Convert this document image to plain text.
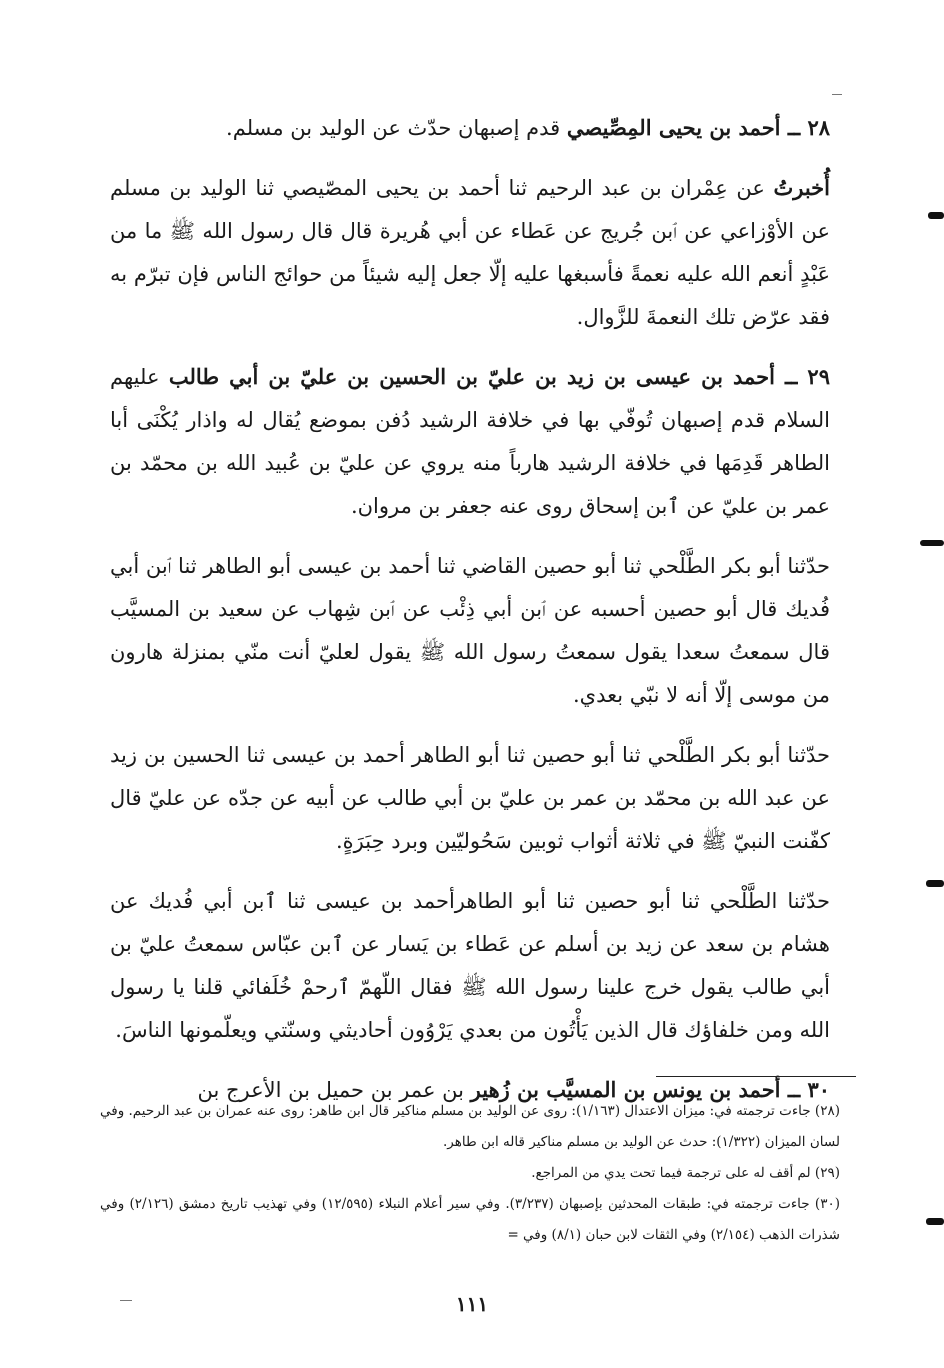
٢٨ ــ أحمد بن يحيى المِصِّيصي قدم إصبهان حدّث عن الوليد بن مسلم.

أُخبرتُ عن عِمْران بن عبد الرحيم ثنا أحمد بن يحيى المصّيصي ثنا الوليد بن مسلم عن الأوْزاعي عن ٱبن جُريج عن عَطاء عن أبي هُريرة قال قال رسول الله ﷺ ما من عَبْدٍ أنعم الله عليه نعمةً فأسبغها عليه إلّا جعل إليه شيئاً من حوائج الناس فإن تبرّم به فقد عرّض تلك النعمةَ للزَّوال.

٢٩ ــ أحمد بن عيسى بن زيد بن عليّ بن الحسين بن عليّ بن أبي طالب عليهم السلام قدم إصبهان تُوفّي بها في خلافة الرشيد دُفن بموضع يُقال له واذار يُكْنَى أبا الطاهر قَدِمَها في خلافة الرشيد هارباً منه يروي عن عليّ بن عُبيد الله بن محمّد بن عمر بن عليّ عن ٱبن إسحاق روى عنه جعفر بن مروان.

حدّثنا أبو بكر الطَّلْحي ثنا أبو حصين القاضي ثنا أحمد بن عيسى أبو الطاهر ثنا ٱبن أبي فُديك قال أبو حصين أحسبه عن ٱبن أبي ذِئْب عن ٱبن شِهاب عن سعيد بن المسيَّب قال سمعتُ سعدا يقول سمعتُ رسول الله ﷺ يقول لعليّ أنت منّي بمنزلة هارون من موسى إلّا أنه لا نبّي بعدي.

حدّثنا أبو بكر الطَّلْحي ثنا أبو حصين ثنا أبو الطاهر أحمد بن عيسى ثنا الحسين بن زيد عن عبد الله بن محمّد بن عمر بن عليّ بن أبي طالب عن أبيه عن جدّه عن عليّ قال كفّنت النبيّ ﷺ في ثلاثة أثواب ثوبين سَحُوليّين وبرد حِبَرَةٍ.

حدّثنا الطَّلْحي ثنا أبو حصين ثنا أبو الطاهرأحمد بن عيسى ثنا ٱبن أبي فُديك عن هشام بن سعد عن زيد بن أسلم عن عَطاء بن يَسار عن ٱبن عبّاس سمعتُ عليّ بن أبي طالب يقول خرج علينا رسول الله ﷺ فقال اللّهمّ ٱرحمْ خُلَفائي قلنا يا رسول الله ومن خلفاؤك قال الذين يَأْتُون من بعدي يَرْوُون أحاديثي وسنّتي ويعلّمونها الناسَ.

٣٠ ــ أحمد بن يونس بن المسيَّب بن زُهير بن عمر بن حميل بن الأعرج بن

(٢٨) جاءت ترجمته في: ميزان الاعتدال (١/١٦٣): روى عن الوليد بن مسلم مناكير قال ابن طاهر: روى عنه عمران بن عبد الرحيم. وفي لسان الميزان (١/٣٢٢): حدث عن الوليد بن مسلم مناكير قاله ابن طاهر.

(٢٩) لم أقف له على ترجمة فيما تحت يدي من المراجع.

(٣٠) جاءت ترجمته في: طبقات المحدثين بإصبهان (٣/٢٣٧). وفي سير أعلام النبلاء (١٢/٥٩٥) وفي تهذيب تاريخ دمشق (٢/١٢٦) وفي شذرات الذهب (٢/١٥٤) وفي الثقات لابن حبان (٨/١) وفي =

١١١
